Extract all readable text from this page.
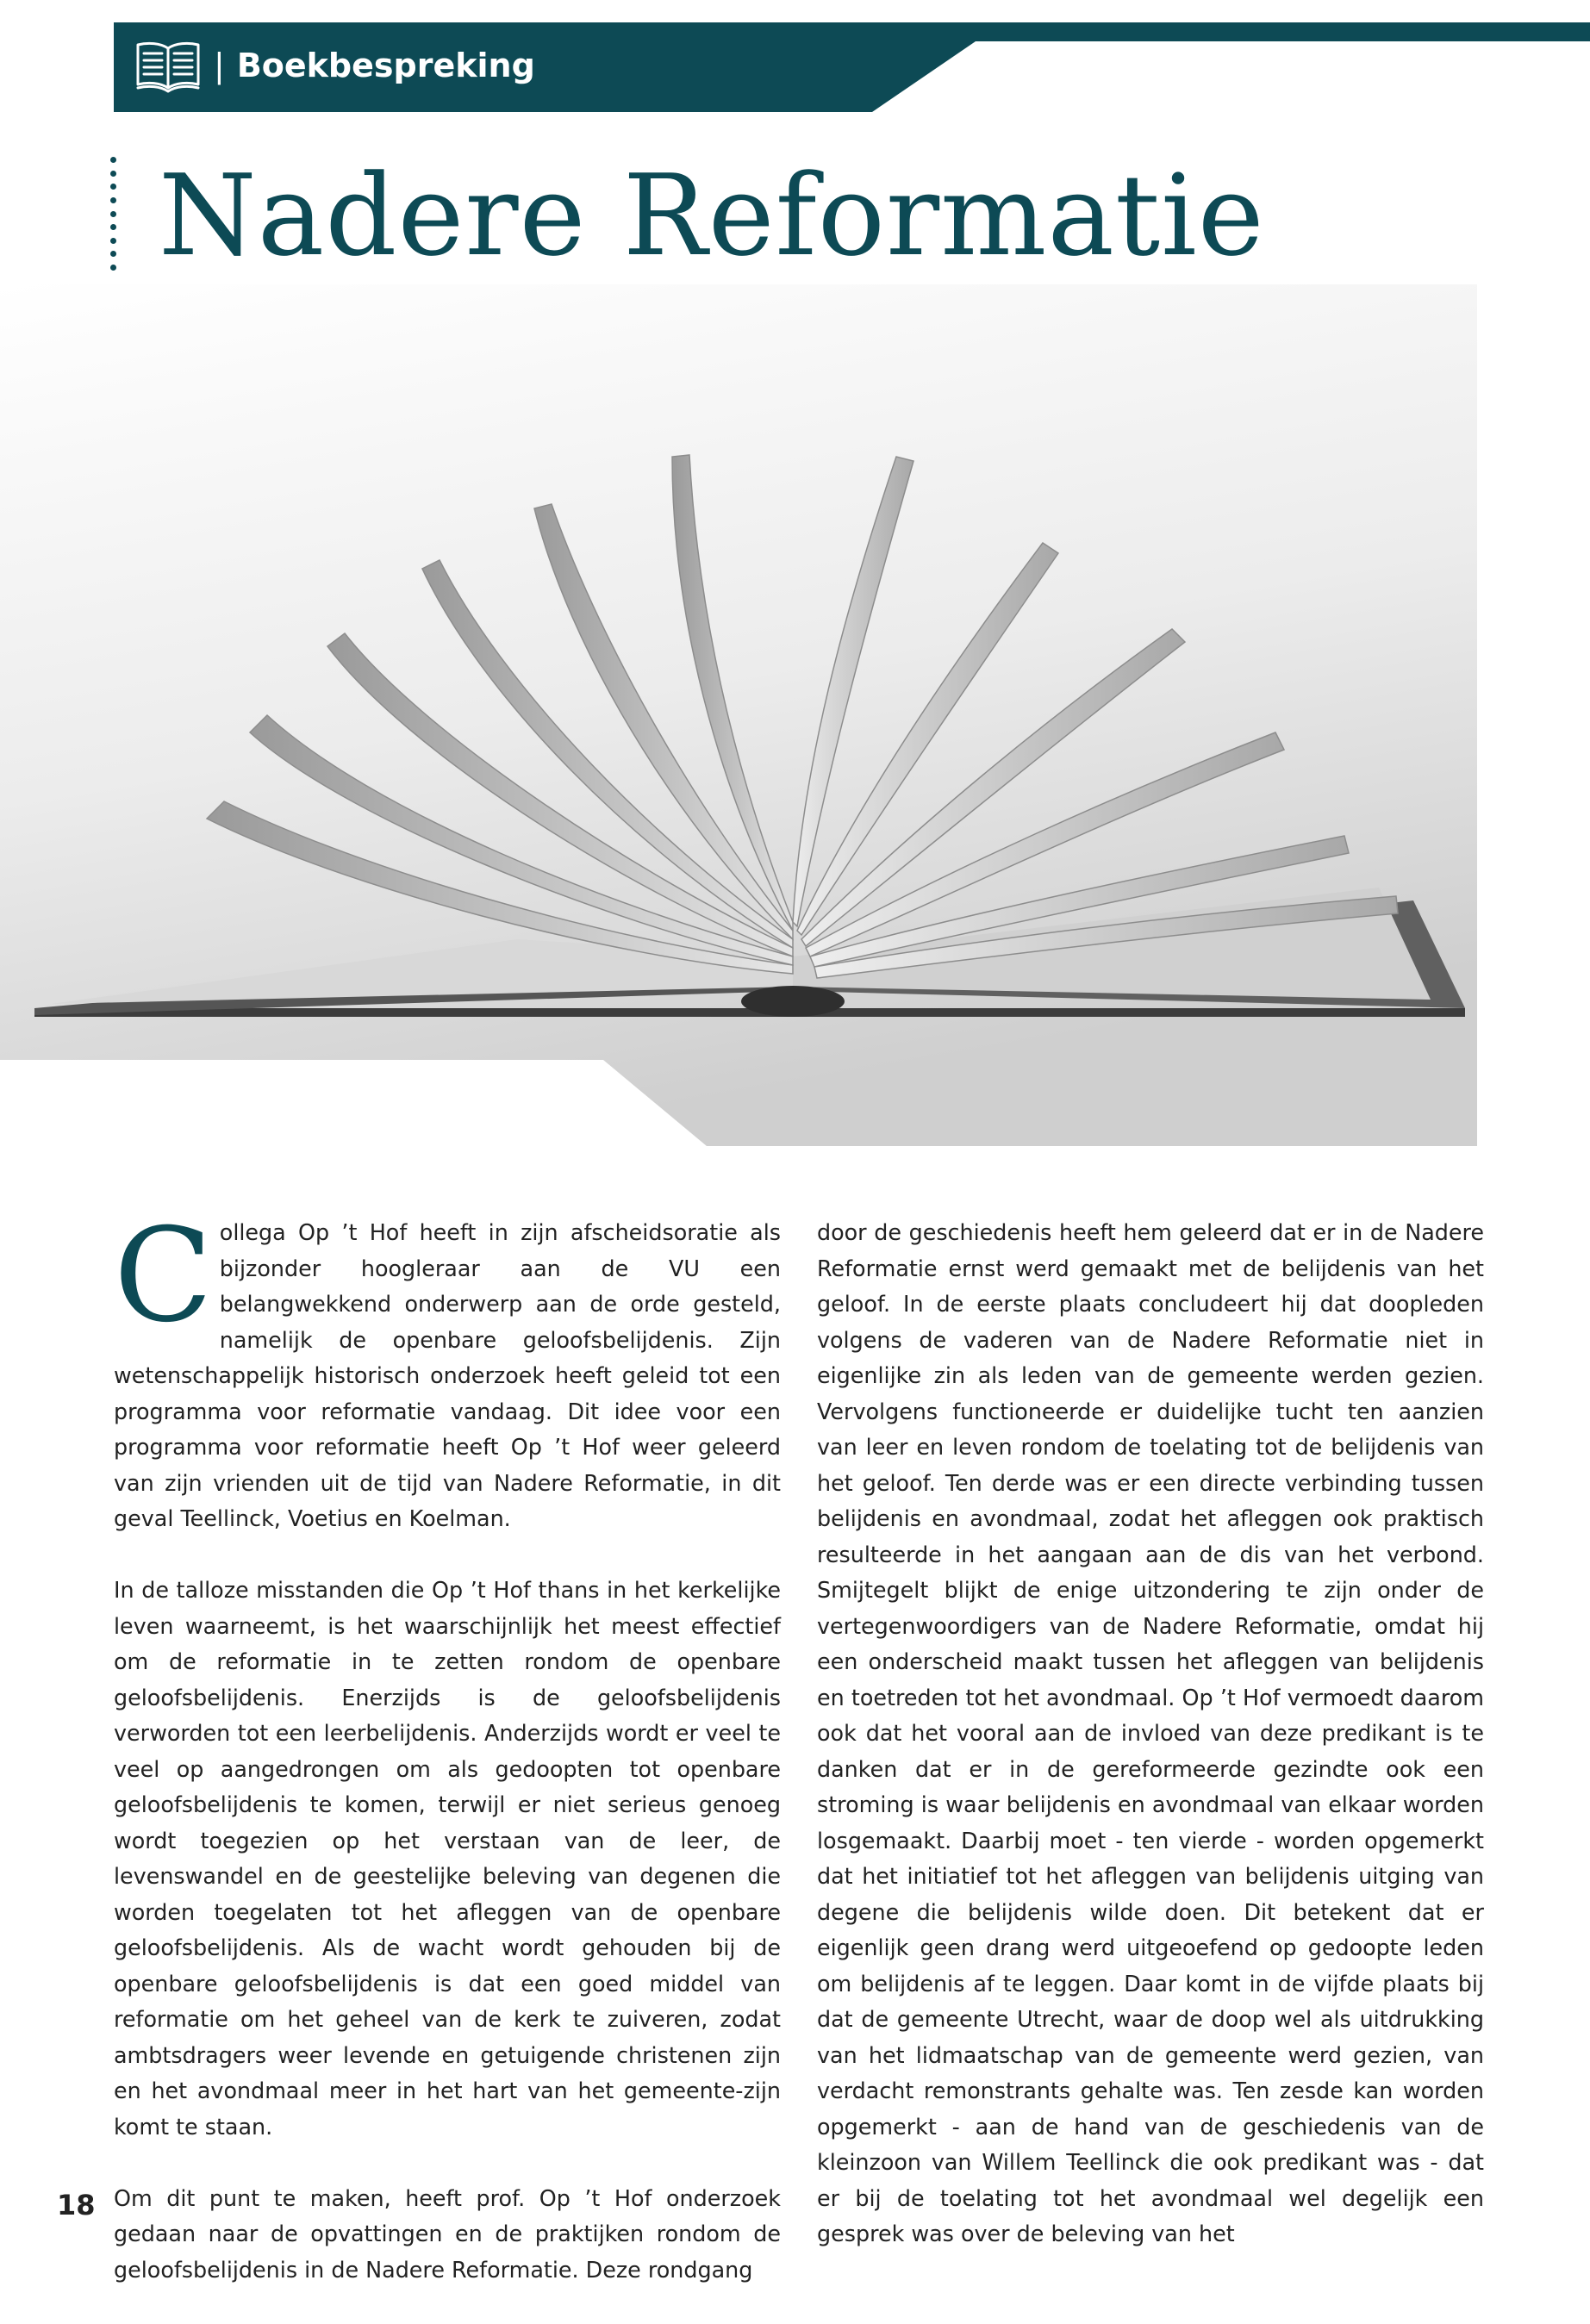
| Boekbespreking
Nadere Reformatie

Collega Op ’t Hof heeft in zijn afscheidsoratie als bijzonder hoogleraar aan de VU een belangwekkend onderwerp aan de orde gesteld, namelijk de openbare geloofsbelijdenis. Zijn wetenschappelijk historisch onderzoek heeft geleid tot een programma voor reformatie vandaag. Dit idee voor een programma voor reformatie heeft Op ’t Hof weer geleerd van zijn vrienden uit de tijd van Nadere Reformatie, in dit geval Teellinck, Voetius en Koelman.

In de talloze misstanden die Op ’t Hof thans in het kerkelijke leven waarneemt, is het waarschijnlijk het meest effectief om de reformatie in te zetten rondom de openbare geloofsbelijdenis. Enerzijds is de geloofsbelijdenis verworden tot een leerbelijdenis. Anderzijds wordt er veel te veel op aangedrongen om als gedoopten tot openbare geloofsbelijdenis te komen, terwijl er niet serieus genoeg wordt toegezien op het verstaan van de leer, de levenswandel en de geestelijke beleving van degenen die worden toegelaten tot het afleggen van de openbare geloofsbelijdenis. Als de wacht wordt gehouden bij de openbare geloofsbelijdenis is dat een goed middel van reformatie om het geheel van de kerk te zuiveren, zodat ambtsdragers weer levende en getuigende christenen zijn en het avondmaal meer in het hart van het gemeente-zijn komt te staan.

Om dit punt te maken, heeft prof. Op ’t Hof onderzoek gedaan naar de opvattingen en de praktijken rondom de geloofsbelijdenis in de Nadere Reformatie. Deze rondgang

door de geschiedenis heeft hem geleerd dat er in de Nadere Reformatie ernst werd gemaakt met de belijdenis van het geloof. In de eerste plaats concludeert hij dat doopleden volgens de vaderen van de Nadere Reformatie niet in eigenlijke zin als leden van de gemeente werden gezien. Vervolgens functioneerde er duidelijke tucht ten aanzien van leer en leven rondom de toelating tot de belijdenis van het geloof. Ten derde was er een directe verbinding tussen belijdenis en avondmaal, zodat het afleggen ook praktisch resulteerde in het aangaan aan de dis van het verbond. Smijtegelt blijkt de enige uitzondering te zijn onder de vertegenwoordigers van de Nadere Reformatie, omdat hij een onderscheid maakt tussen het afleggen van belijdenis en toetreden tot het avondmaal. Op ’t Hof vermoedt daarom ook dat het vooral aan de invloed van deze predikant is te danken dat er in de gereformeerde gezindte ook een stroming is waar belijdenis en avondmaal van elkaar worden losgemaakt. Daarbij moet - ten vierde - worden opgemerkt dat het initiatief tot het afleggen van belijdenis uitging van degene die belijdenis wilde doen. Dit betekent dat er eigenlijk geen drang werd uitgeoefend op gedoopte leden om belijdenis af te leggen. Daar komt in de vijfde plaats bij dat de gemeente Utrecht, waar de doop wel als uitdrukking van het lidmaatschap van de gemeente werd gezien, van verdacht remonstrants gehalte was. Ten zesde kan worden opgemerkt - aan de hand van de geschiedenis van de kleinzoon van Willem Teellinck die ook predikant was - dat er bij de toelating tot het avondmaal wel degelijk een gesprek was over de beleving van het

18
